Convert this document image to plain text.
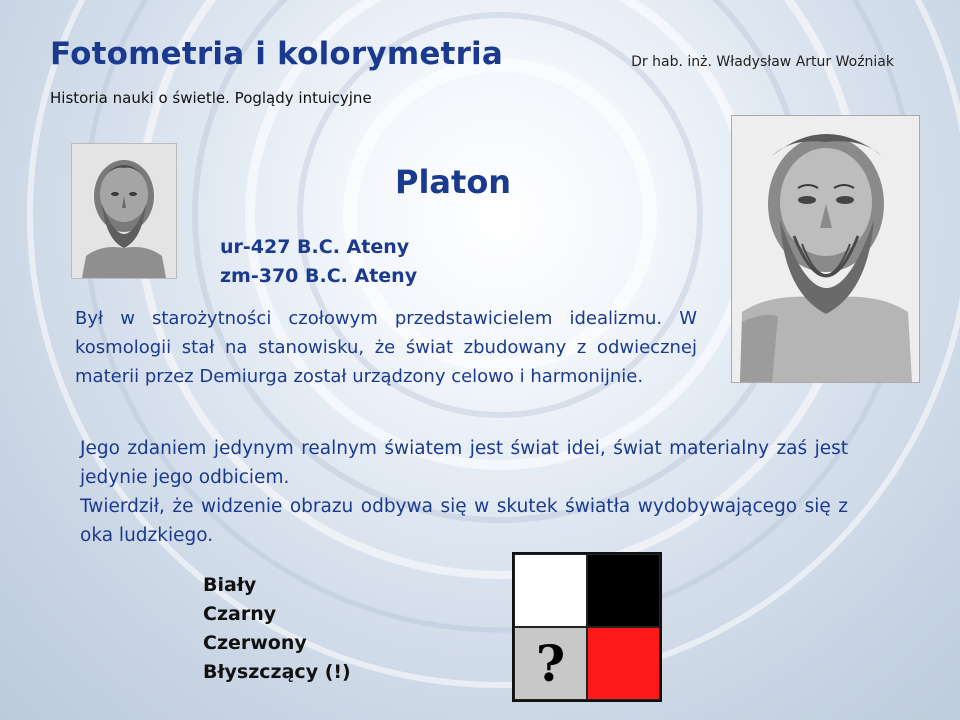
Fotometria i kolorymetria	Dr hab. inż. Władysław Artur Woźniak
Historia nauki o świetle. Poglądy intuicyjne
Platon
ur-427 B.C. Ateny
zm-370 B.C. Ateny
Był w starożytności czołowym przedstawicielem idealizmu. W kosmologii stał na stanowisku, że świat zbudowany z odwiecznej materii przez Demiurga został urządzony celowo i harmonijnie.
Jego zdaniem jedynym realnym światem jest świat idei, świat materialny zaś jest jedynie jego odbiciem.
Twierdził, że widzenie obrazu odbywa się w skutek światła wydobywającego się z oka ludzkiego.
Biały
Czarny
Czerwony
Błyszczący (!)	?
